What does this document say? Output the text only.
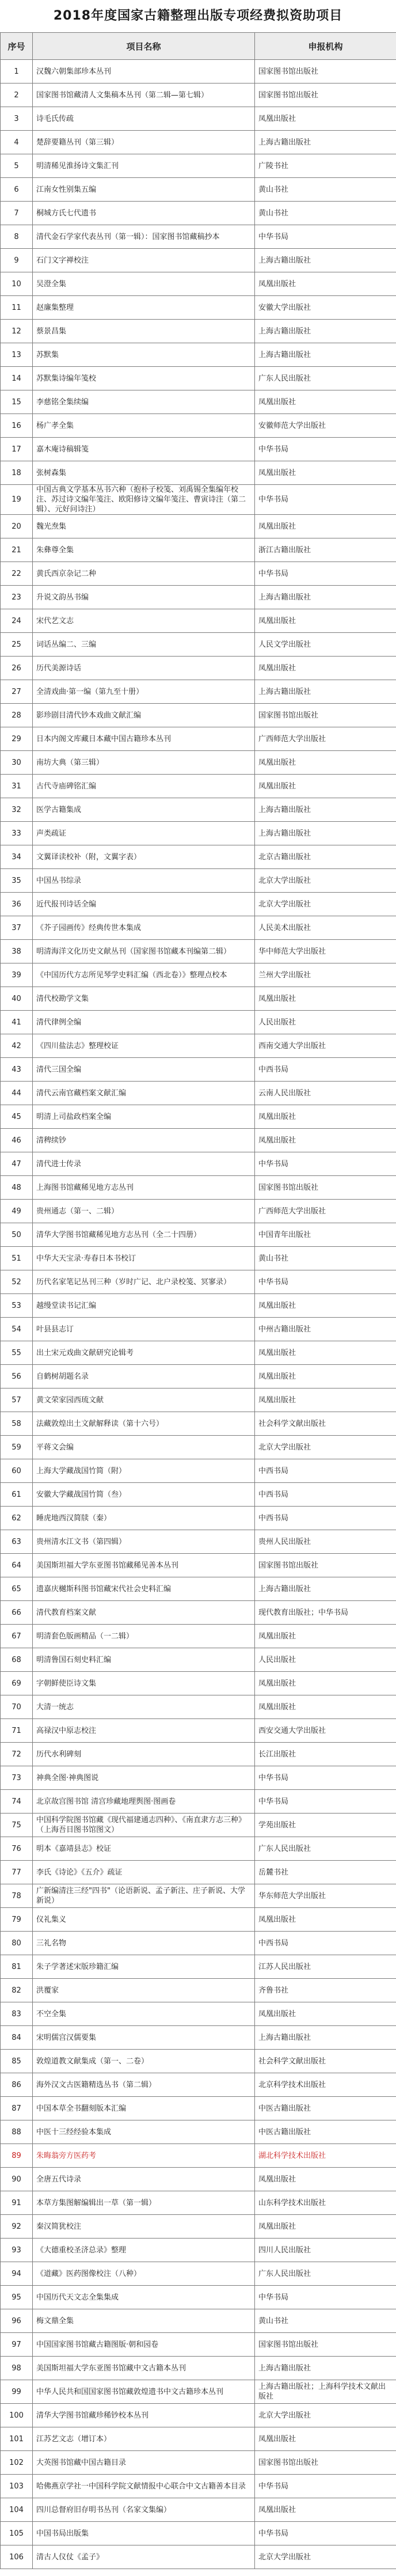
2018年度国家古籍整理出版专项经费拟资助项目
序号	项目名称	申报机构
1	汉魏六朝集部珍本丛刊	国家图书馆出版社
2	国家图书馆藏清人文集稿本丛刊（第二辑—第七辑）	国家图书馆出版社
3	诗毛氏传疏	凤凰出版社
4	楚辞要籍丛刊（第三辑）	上海古籍出版社
5	明清稀见淮扬诗文集汇刊	广陵书社
6	江南女性别集五编	黄山书社
7	桐城方氏七代遗书	黄山书社
8	清代金石学家代表丛刊（第一辑）：国家图书馆藏稿抄本	中华书局
9	石门文字禅校注	上海古籍出版社
10	吴澄全集	凤凰出版社
11	赵廉集整理	安徽大学出版社
12	蔡景昌集	上海古籍出版社
13	苏默集	上海古籍出版社
14	苏默集诗编年笺校	广东人民出版社
15	李慈铭全集续编	凤凰出版社
16	杨广孝全集	安徽师范大学出版社
17	嘉木庵诗稿辑笺	中华书局
18	张树森集	凤凰出版社
19	中国古典文学基本丛书六种（抱朴子校笺、刘禹锡全集编年校注、苏过诗文编年笺注、欧阳修诗文编年笺注、曹寅诗注（第二辑）、元好问诗注）	中华书局
20	魏光焘集	凤凰出版社
21	朱彝尊全集	浙江古籍出版社
22	黄氏西京杂记二种	中华书局
23	升说文韵丛书编	上海古籍出版社
24	宋代艺文志	凤凰出版社
25	词话丛编二、三编	人民文学出版社
26	历代美源诗话	凤凰出版社
27	全清戏曲·第一编（第九至十册）	上海古籍出版社
28	影珍剧目清代钞本戏曲文献汇编	国家图书馆出版社
29	日本内阁文库藏日本藏中国古籍珍本丛刊	广西师范大学出版社
30	南坊大典（第三辑）	凤凰出版社
31	古代寺庙碑铭汇编	凤凰出版社
32	医学古籍集成	上海古籍出版社
33	声类疏证	上海古籍出版社
34	文翼译读校补（附，文翼字表）	北京古籍出版社
35	中国丛书综录	北京大学出版社
36	近代报刊诗话全编	北京大学出版社
37	《芥子园画传》经典传世本集成	人民美术出版社
38	明清海洋文化历史文献丛刊（国家图书馆藏本刊编第二辑）	华中师范大学出版社
39	《中国历代方志所见琴学史料汇编（西北卷）》整理点校本	兰州大学出版社
40	清代校勘学文集	凤凰出版社
41	清代律例全编	人民出版社
42	《四川盐法志》整理校证	西南交通大学出版社
43	清代三国全编	中西书局
44	清代云南官藏档案文献汇编	云南人民出版社
45	明清上司盐政档案全编	凤凰出版社
46	清稗续钞	凤凰出版社
47	清代进士传录	中华书局
48	上海图书馆藏稀见地方志丛刊	国家图书馆出版社
49	贵州通志（第一、二辑）	广西师范大学出版社
50	清华大学图书馆藏稀见地方志丛刊（全二十四册）	中国青年出版社
51	中华大天宝录·寿春日本书校订	黄山书社
52	历代名家笔记丛刊三种（岁时广记、北户录校笺、冥寥录）	中华书局
53	越缦堂读书记汇编	凤凰出版社
54	叶县县志订	中州古籍出版社
55	出土宋元戏曲文献研究论辑考	凤凰出版社
56	自鹤树胡题名录	凤凰出版社
57	黄文荣家园西琉文献	凤凰出版社
58	法藏敦煌出土文献解释读（第十六号）	社会科学文献出版社
59	平蒋文会编	北京大学出版社
60	上海大学藏战国竹简（附）	中西书局
61	安徽大学藏战国竹简（叁）	中西书局
62	睡虎地西汉简牍（秦）	中西书局
63	贵州清水江文书（第四辑）	贵州人民出版社
64	美国斯坦福大学东亚图书馆藏稀见善本丛刊	国家图书馆出版社
65	遗嘉庆樾斯科图书馆藏宋代社会史料汇编	上海古籍出版社
66	清代教育档案文献	现代教育出版社；中华书局
67	明清套色版画精品（一二辑）	凤凰出版社
68	明清鲁国石刻史料汇编	人民出版社
69	字朝鲜使臣诗文集	凤凰出版社
70	大清一统志	凤凰出版社
71	高禄汉中原志校注	西安交通大学出版社
72	历代水利碑刻	长江出版社
73	神典全图·神典图说	中华书局
74	北京故宫图书馆 清宫珍藏地理舆图·图画卷	中华书局
75	中国科学院图书馆藏《现代福建通志四种》、《南直隶方志三种》（上海吾目图书馆图文）	学苑出版社
76	明本《嘉靖县志》校证	广东人民出版社
77	李氏《诗论》《五介》疏证	岳麓书社
78	广新编清注三经"四书"（论语新说、孟子新注、庄子新说、大学新说）	华东师范大学出版社
79	仪礼集义	凤凰出版社
80	三礼名物	中西书局
81	朱子学著述宋版珍籍汇编	江苏人民出版社
82	洪覆家	齐鲁书社
83	不空全集	凤凰出版社
84	宋明儒宫汉儒要集	上海古籍出版社
85	敦煌道教文献集成（第一、二卷）	社会科学文献出版社
86	海外汉文古医籍精选丛书（第二辑）	北京科学技术出版社
87	中国本草全书翻刻版本汇编	中医古籍出版社
88	中医十三经经验本集成	中医古籍出版社
89	朱晦翁旁方医药考	湖北科学技术出版社
90	全唐五代诗录	凤凰出版社
91	本草方集图解编辑出一草（第一辑）	山东科学技术出版社
92	秦汉简犹校注	凤凰出版社
93	《大德重校圣济总录》整理	四川人民出版社
94	《道藏》医药图像校注（八种）	广东人民出版社
95	中国历代天文志全集集成	中华书局
96	梅文鼎全集	黄山书社
97	中国国家图书馆藏古籍图版·朝和园卷	国家图书馆出版社
98	美国斯坦福大学东亚图书馆藏中文古籍本丛刊	上海古籍出版社
99	中华人民共和国国家图书馆藏敦煌遗书中文古籍珍本丛刊	上海古籍出版社；上海科学技术文献出版社
100	清华大学图书馆藏珍稀钞校本丛刊	北京大学出版社
101	江苏艺文志（增订本）	凤凰出版社
102	大英图书馆藏中国古籍目录	国家图书馆出版社
103	哈佛燕京学社一中国科学院文献情报中心联合中文古籍善本目录	中华书局
104	四川总督府旧存明书丛刊（名家文集编）	凤凰出版社
105	中国书局出版集	中华书局
106	清古人仪仗《孟子》	北京大学出版社
